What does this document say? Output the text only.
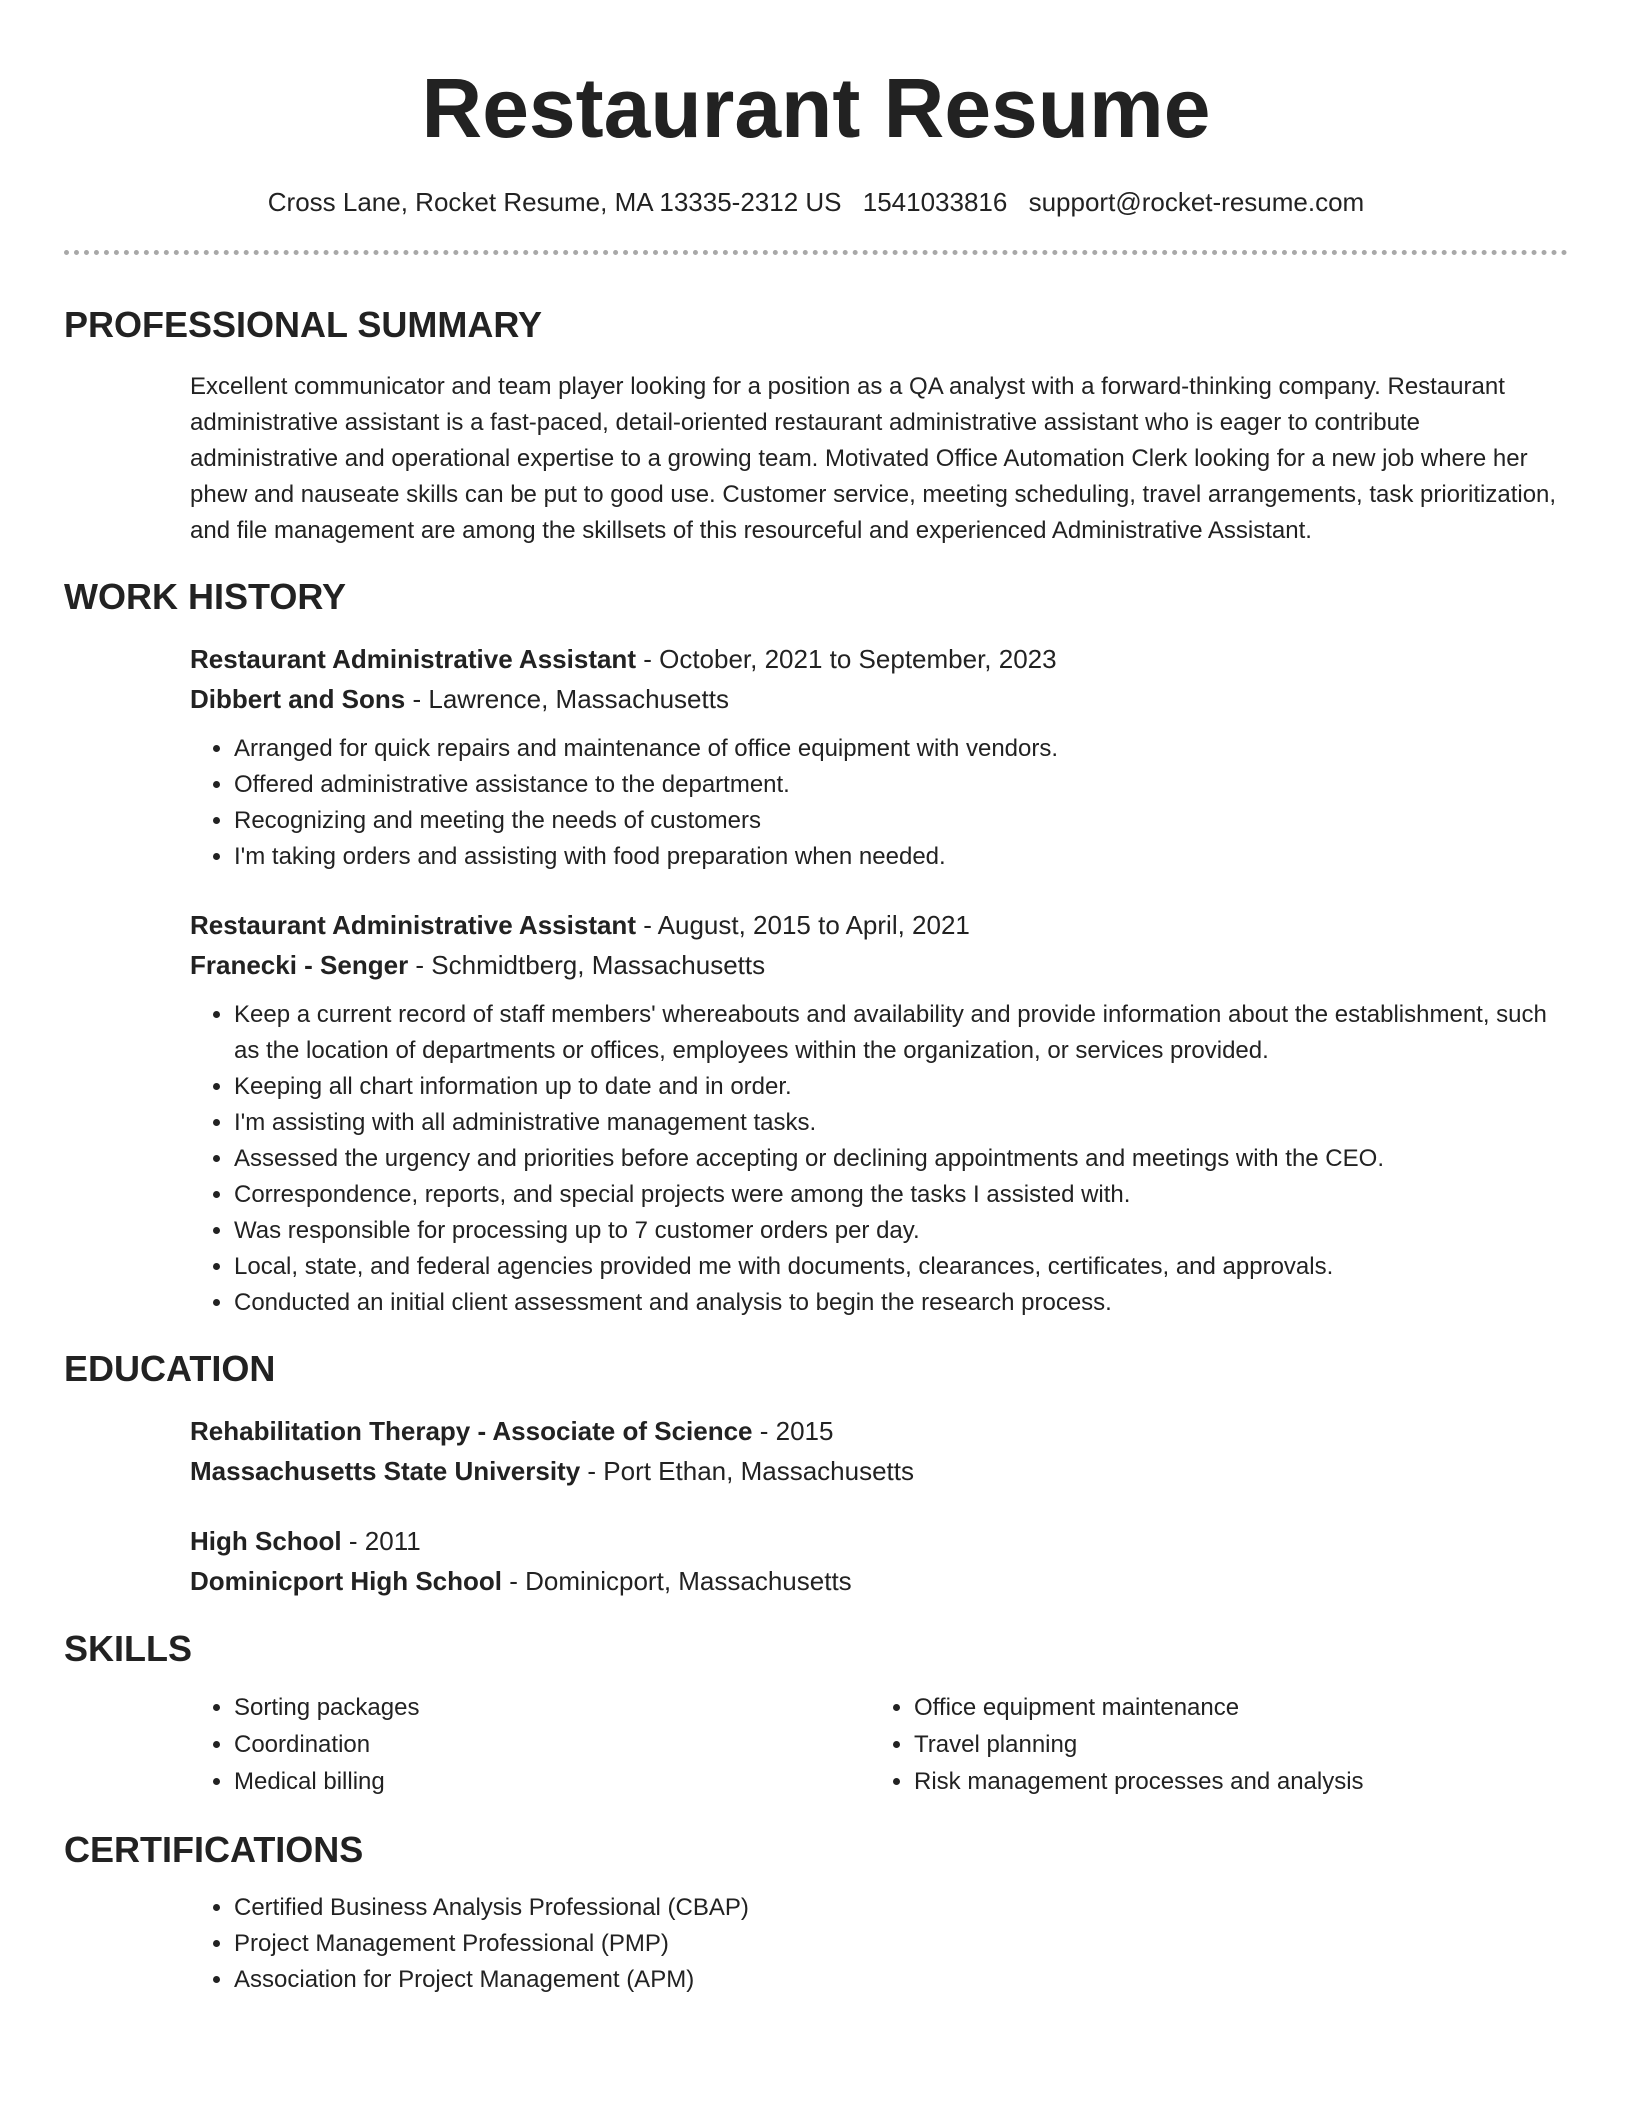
Restaurant Resume
Cross Lane, Rocket Resume, MA 13335-2312 US 1541033816 support@rocket-resume.com
PROFESSIONAL SUMMARY

Excellent communicator and team player looking for a position as a QA analyst with a forward-thinking company. Restaurant administrative assistant is a fast-paced, detail-oriented restaurant administrative assistant who is eager to contribute administrative and operational expertise to a growing team. Motivated Office Automation Clerk looking for a new job where her phew and nauseate skills can be put to good use. Customer service, meeting scheduling, travel arrangements, task prioritization, and file management are among the skillsets of this resourceful and experienced Administrative Assistant.

WORK HISTORY
Restaurant Administrative Assistant - October, 2021 to September, 2023
Dibbert and Sons - Lawrence, Massachusetts
• Arranged for quick repairs and maintenance of office equipment with vendors.
• Offered administrative assistance to the department.
• Recognizing and meeting the needs of customers
• I'm taking orders and assisting with food preparation when needed.
Restaurant Administrative Assistant - August, 2015 to April, 2021
Franecki - Senger - Schmidtberg, Massachusetts
• Keep a current record of staff members' whereabouts and availability and provide information about the establishment, such as the location of departments or offices, employees within the organization, or services provided.
• Keeping all chart information up to date and in order.
• I'm assisting with all administrative management tasks.
• Assessed the urgency and priorities before accepting or declining appointments and meetings with the CEO.
• Correspondence, reports, and special projects were among the tasks I assisted with.
• Was responsible for processing up to 7 customer orders per day.
• Local, state, and federal agencies provided me with documents, clearances, certificates, and approvals.
• Conducted an initial client assessment and analysis to begin the research process.
EDUCATION
Rehabilitation Therapy - Associate of Science - 2015
Massachusetts State University - Port Ethan, Massachusetts
High School - 2011
Dominicport High School - Dominicport, Massachusetts
SKILLS
• Sorting packages
• Coordination
• Medical billing
• Office equipment maintenance
• Travel planning
• Risk management processes and analysis
CERTIFICATIONS
• Certified Business Analysis Professional (CBAP)
• Project Management Professional (PMP)
• Association for Project Management (APM)
